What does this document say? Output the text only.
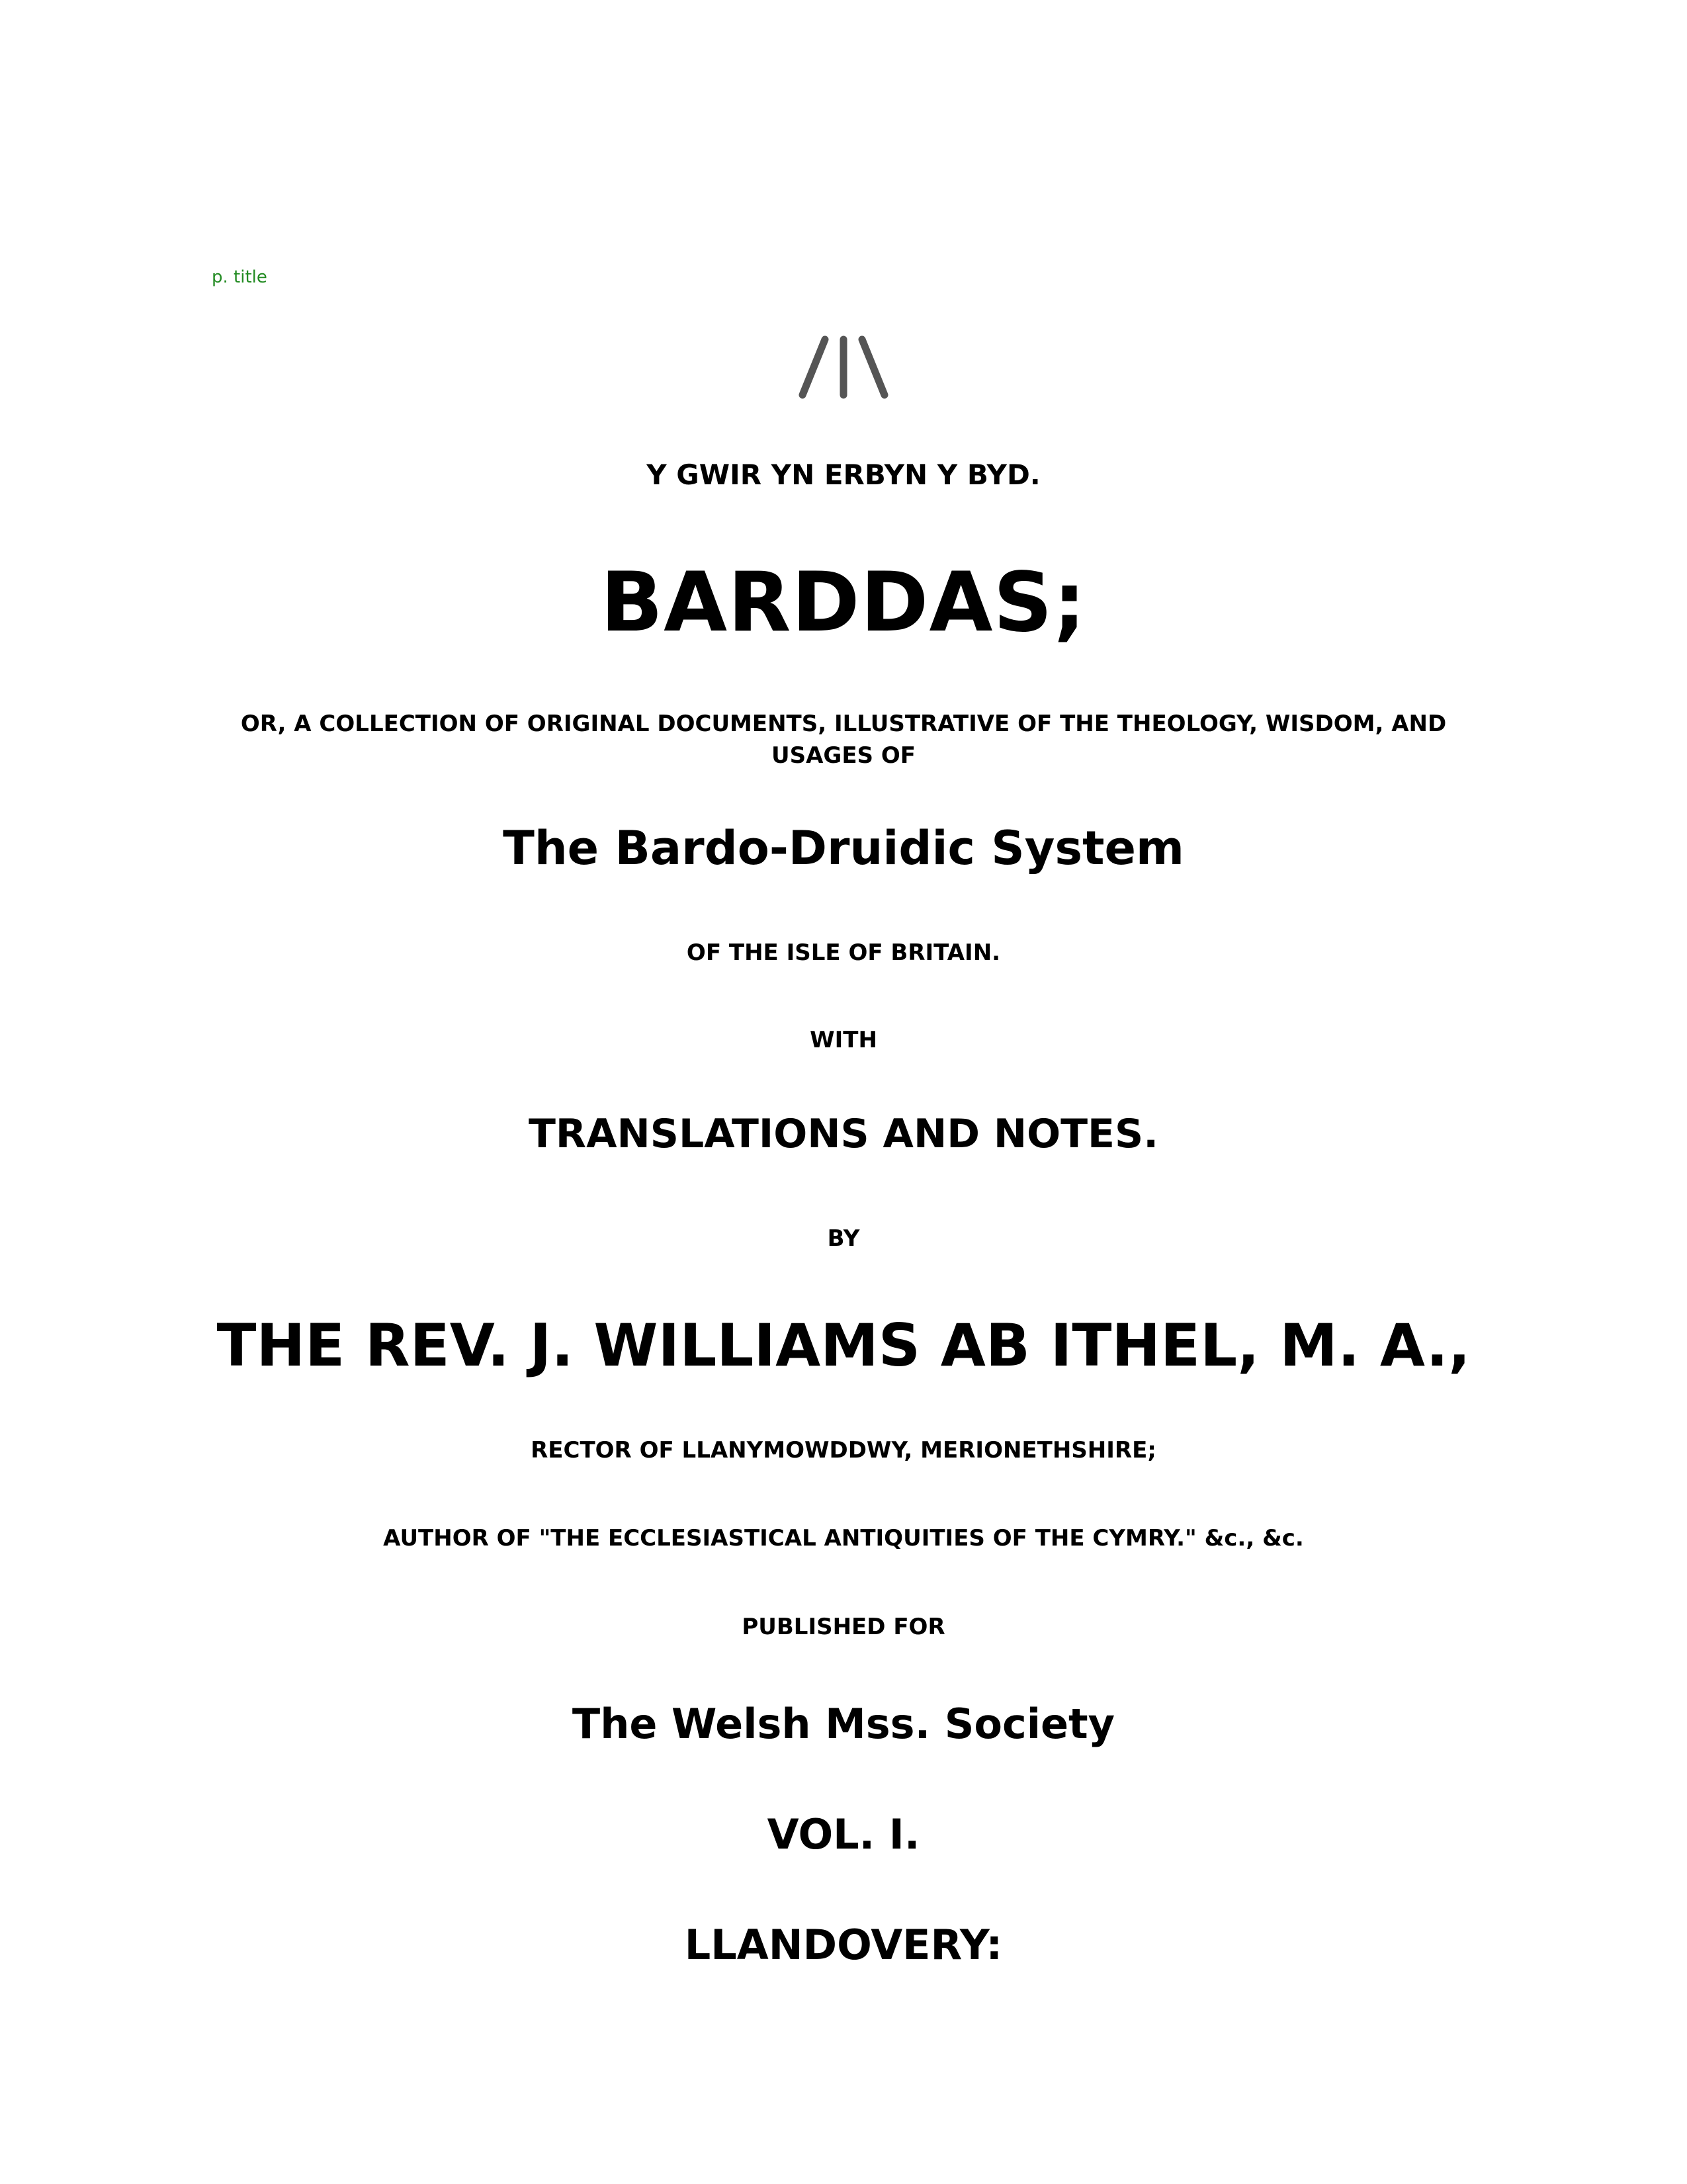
p. title
Y GWIR YN ERBYN Y BYD.
BARDDAS;
OR, A COLLECTION OF ORIGINAL DOCUMENTS, ILLUSTRATIVE OF THE THEOLOGY, WISDOM, AND USAGES OF
The Bardo-Druidic System
OF THE ISLE OF BRITAIN.
WITH
TRANSLATIONS AND NOTES.
BY
THE REV. J. WILLIAMS AB ITHEL, M. A.,
RECTOR OF LLANYMOWDDWY, MERIONETHSHIRE;
AUTHOR OF "THE ECCLESIASTICAL ANTIQUITIES OF THE CYMRY." &c., &c.
PUBLISHED FOR
The Welsh Mss. Society
VOL. I.
LLANDOVERY:
